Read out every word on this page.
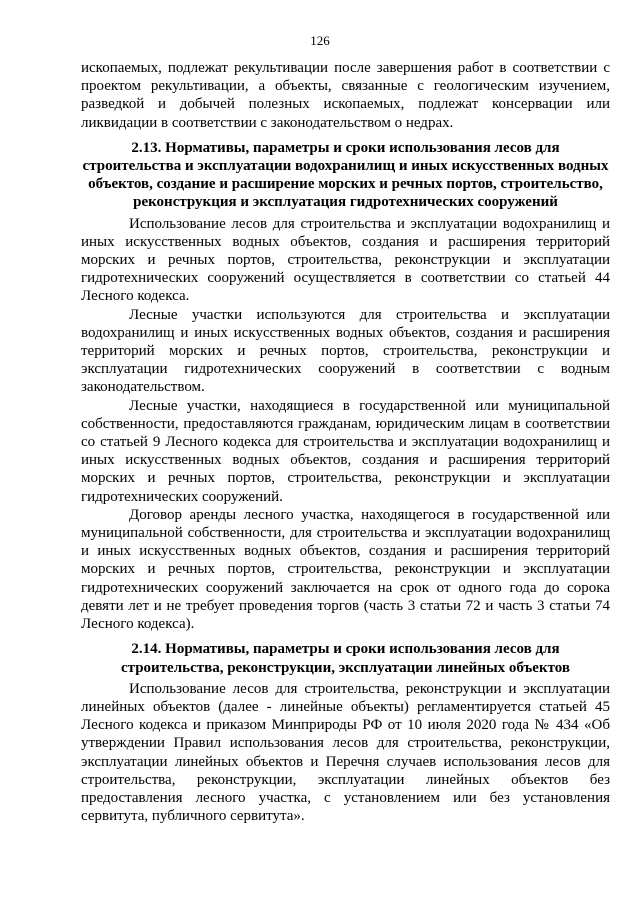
126

ископаемых, подлежат рекультивации после завершения работ в соответствии с проектом рекультивации, а объекты, связанные с геологическим изучением, разведкой и добычей полезных ископаемых, подлежат консервации или ликвидации в соответствии с законодательством о недрах.

2.13. Нормативы, параметры и сроки использования лесов для строительства и эксплуатации водохранилищ и иных искусственных водных объектов, создание и расширение морских и речных портов, строительство, реконструкция и эксплуатация гидротехнических сооружений

Использование лесов для строительства и эксплуатации водохранилищ и иных искусственных водных объектов, создания и расширения территорий морских и речных портов, строительства, реконструкции и эксплуатации гидротехнических сооружений осуществляется в соответствии со статьей 44 Лесного кодекса.

Лесные участки используются для строительства и эксплуатации водохранилищ и иных искусственных водных объектов, создания и расширения территорий морских и речных портов, строительства, реконструкции и эксплуатации гидротехнических сооружений в соответствии с водным законодательством.

Лесные участки, находящиеся в государственной или муниципальной собственности, предоставляются гражданам, юридическим лицам в соответствии со статьей 9 Лесного кодекса для строительства и эксплуатации водохранилищ и иных искусственных водных объектов, создания и расширения территорий морских и речных портов, строительства, реконструкции и эксплуатации гидротехнических сооружений.

Договор аренды лесного участка, находящегося в государственной или муниципальной собственности, для строительства и эксплуатации водохранилищ и иных искусственных водных объектов, создания и расширения территорий морских и речных портов, строительства, реконструкции и эксплуатации гидротехнических сооружений заключается на срок от одного года до сорока девяти лет и не требует проведения торгов (часть 3 статьи 72 и часть 3 статьи 74 Лесного кодекса).

2.14. Нормативы, параметры и сроки использования лесов для строительства, реконструкции, эксплуатации линейных объектов

Использование лесов для строительства, реконструкции и эксплуатации линейных объектов (далее - линейные объекты) регламентируется статьей 45 Лесного кодекса и приказом Минприроды РФ от 10 июля 2020 года № 434 «Об утверждении Правил использования лесов для строительства, реконструкции, эксплуатации линейных объектов и Перечня случаев использования лесов для строительства, реконструкции, эксплуатации линейных объектов без предоставления лесного участка, с установлением или без установления сервитута, публичного сервитута».
